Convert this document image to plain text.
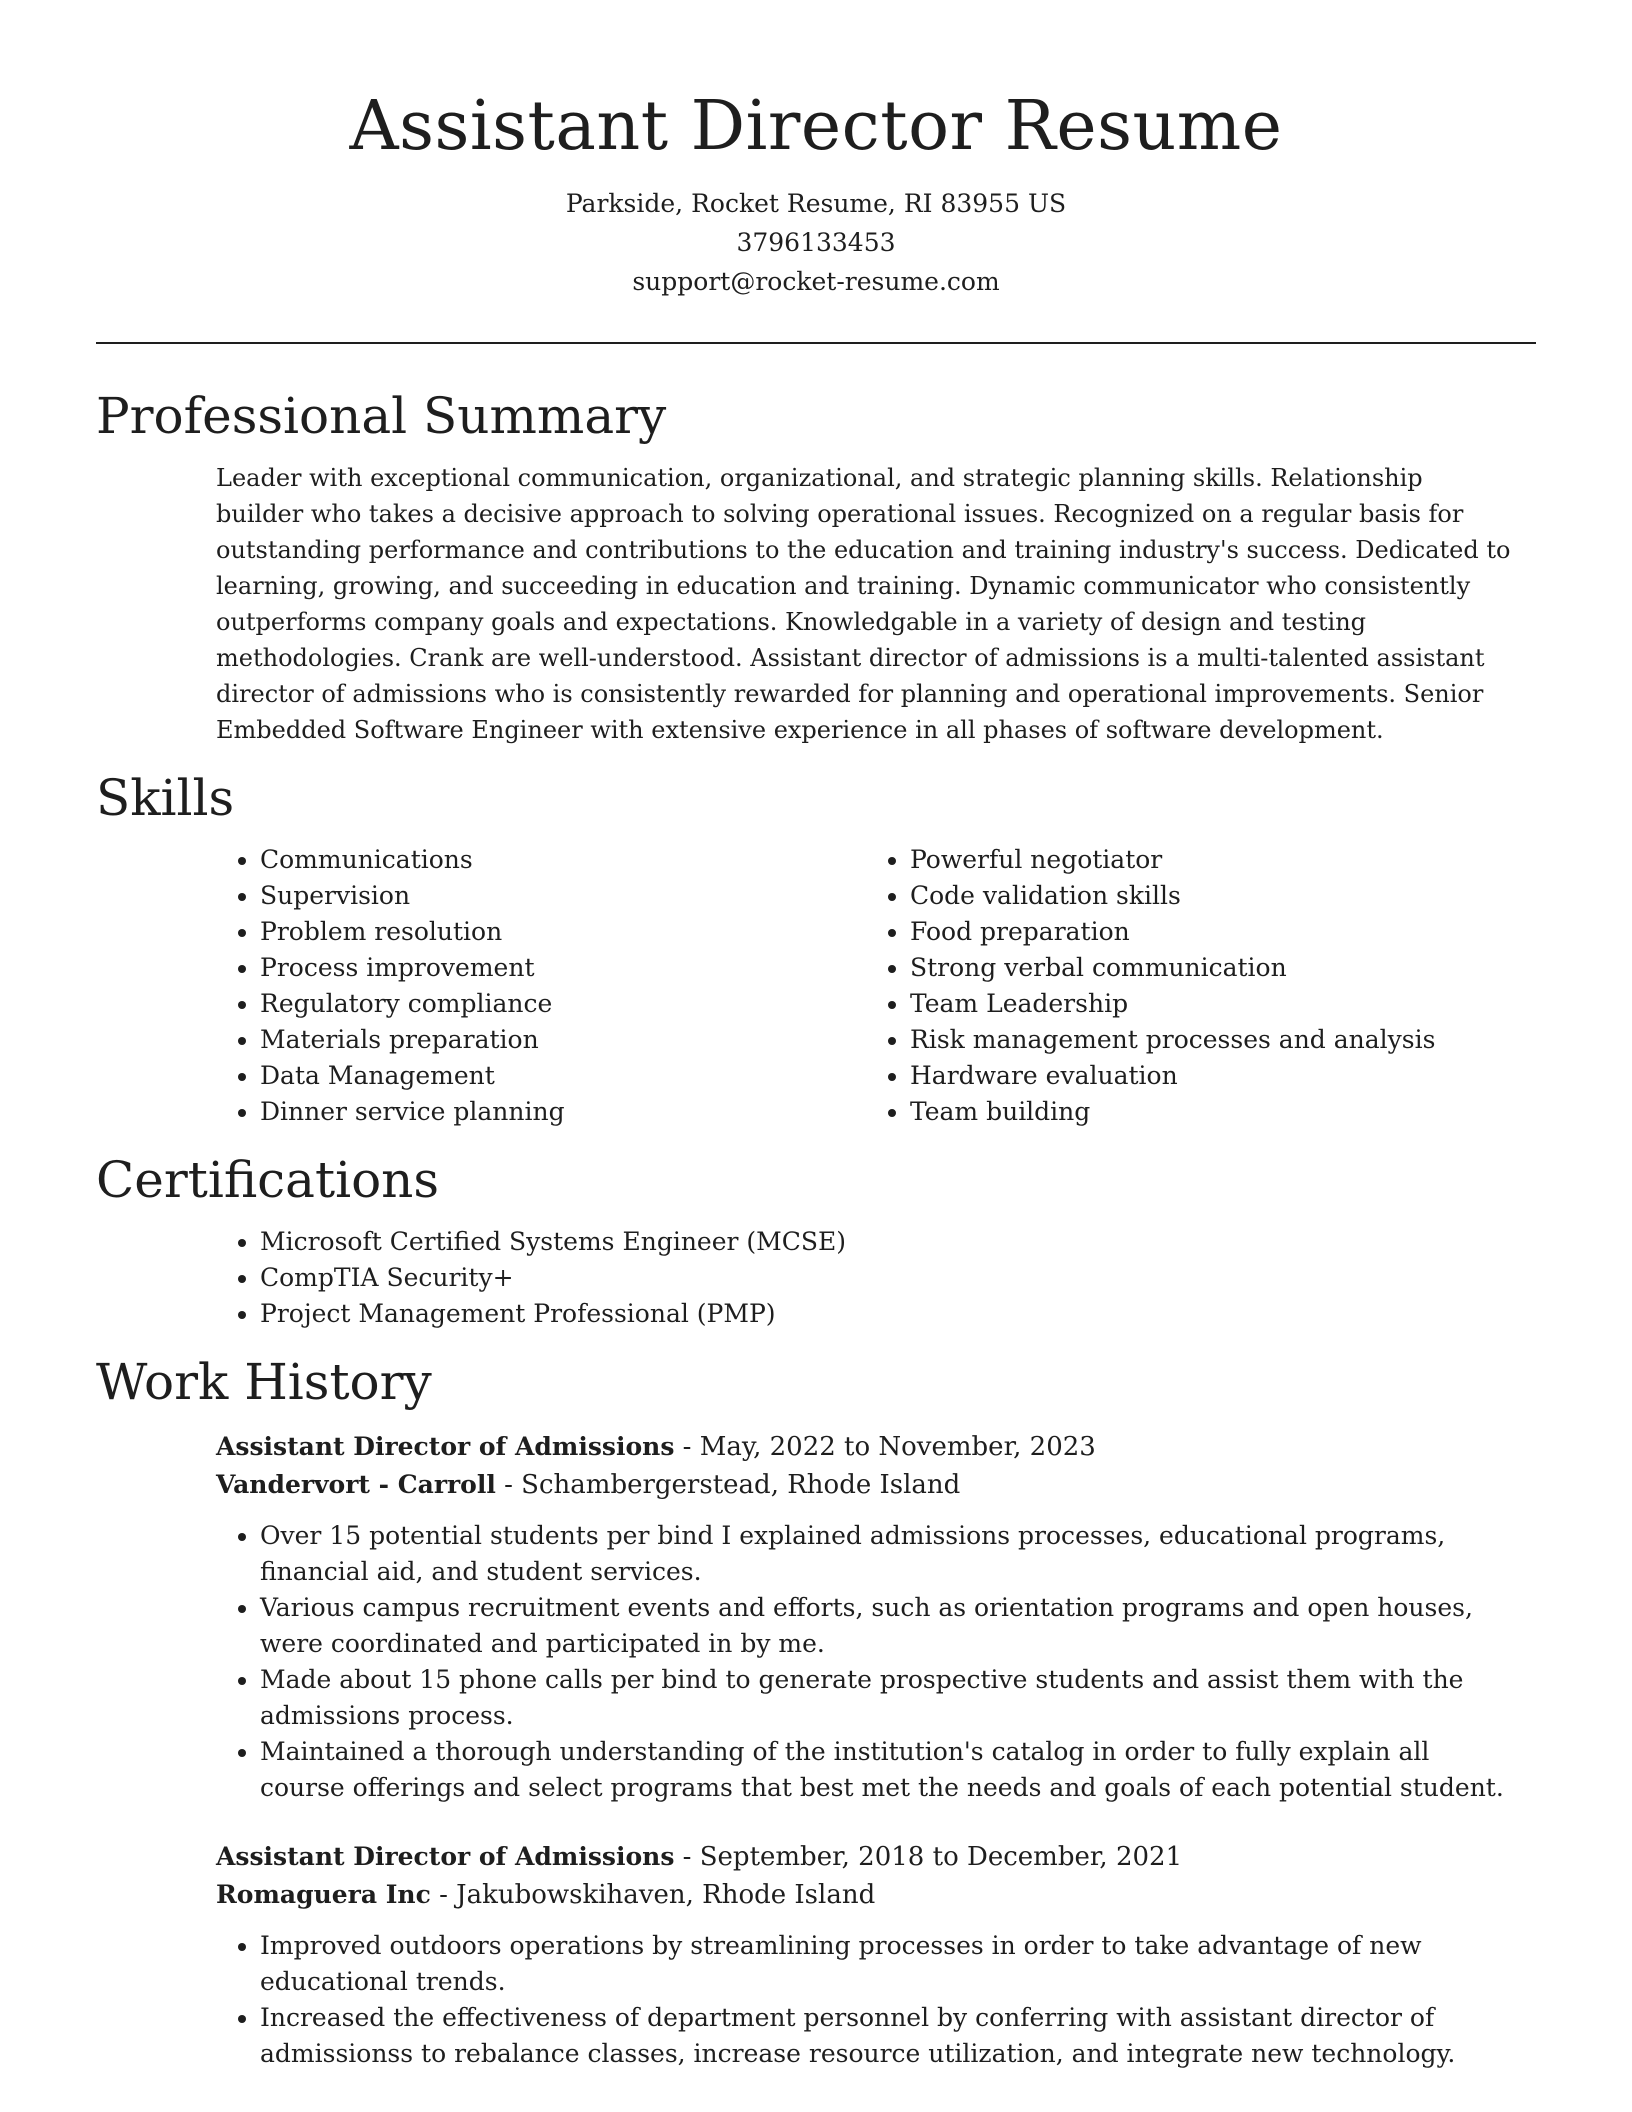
Assistant Director Resume
Parkside, Rocket Resume, RI 83955 US
3796133453
support@rocket-resume.com
Professional Summary

Leader with exceptional communication, organizational, and strategic planning skills. Relationship builder who takes a decisive approach to solving operational issues. Recognized on a regular basis for outstanding performance and contributions to the education and training industry's success. Dedicated to learning, growing, and succeeding in education and training. Dynamic communicator who consistently outperforms company goals and expectations. Knowledgable in a variety of design and testing methodologies. Crank are well-understood. Assistant director of admissions is a multi-talented assistant director of admissions who is consistently rewarded for planning and operational improvements. Senior Embedded Software Engineer with extensive experience in all phases of software development.

Skills
• Communications
• Supervision
• Problem resolution
• Process improvement
• Regulatory compliance
• Materials preparation
• Data Management
• Dinner service planning
• Powerful negotiator
• Code validation skills
• Food preparation
• Strong verbal communication
• Team Leadership
• Risk management processes and analysis
• Hardware evaluation
• Team building
Certifications
• Microsoft Certified Systems Engineer (MCSE)
• CompTIA Security+
• Project Management Professional (PMP)
Work History
Assistant Director of Admissions - May, 2022 to November, 2023
Vandervort - Carroll - Schambergerstead, Rhode Island
• Over 15 potential students per bind I explained admissions processes, educational programs, financial aid, and student services.
• Various campus recruitment events and efforts, such as orientation programs and open houses, were coordinated and participated in by me.
• Made about 15 phone calls per bind to generate prospective students and assist them with the admissions process.
• Maintained a thorough understanding of the institution's catalog in order to fully explain all course offerings and select programs that best met the needs and goals of each potential student.
Assistant Director of Admissions - September, 2018 to December, 2021
Romaguera Inc - Jakubowskihaven, Rhode Island
• Improved outdoors operations by streamlining processes in order to take advantage of new educational trends.
• Increased the effectiveness of department personnel by conferring with assistant director of admissionss to rebalance classes, increase resource utilization, and integrate new technology.
